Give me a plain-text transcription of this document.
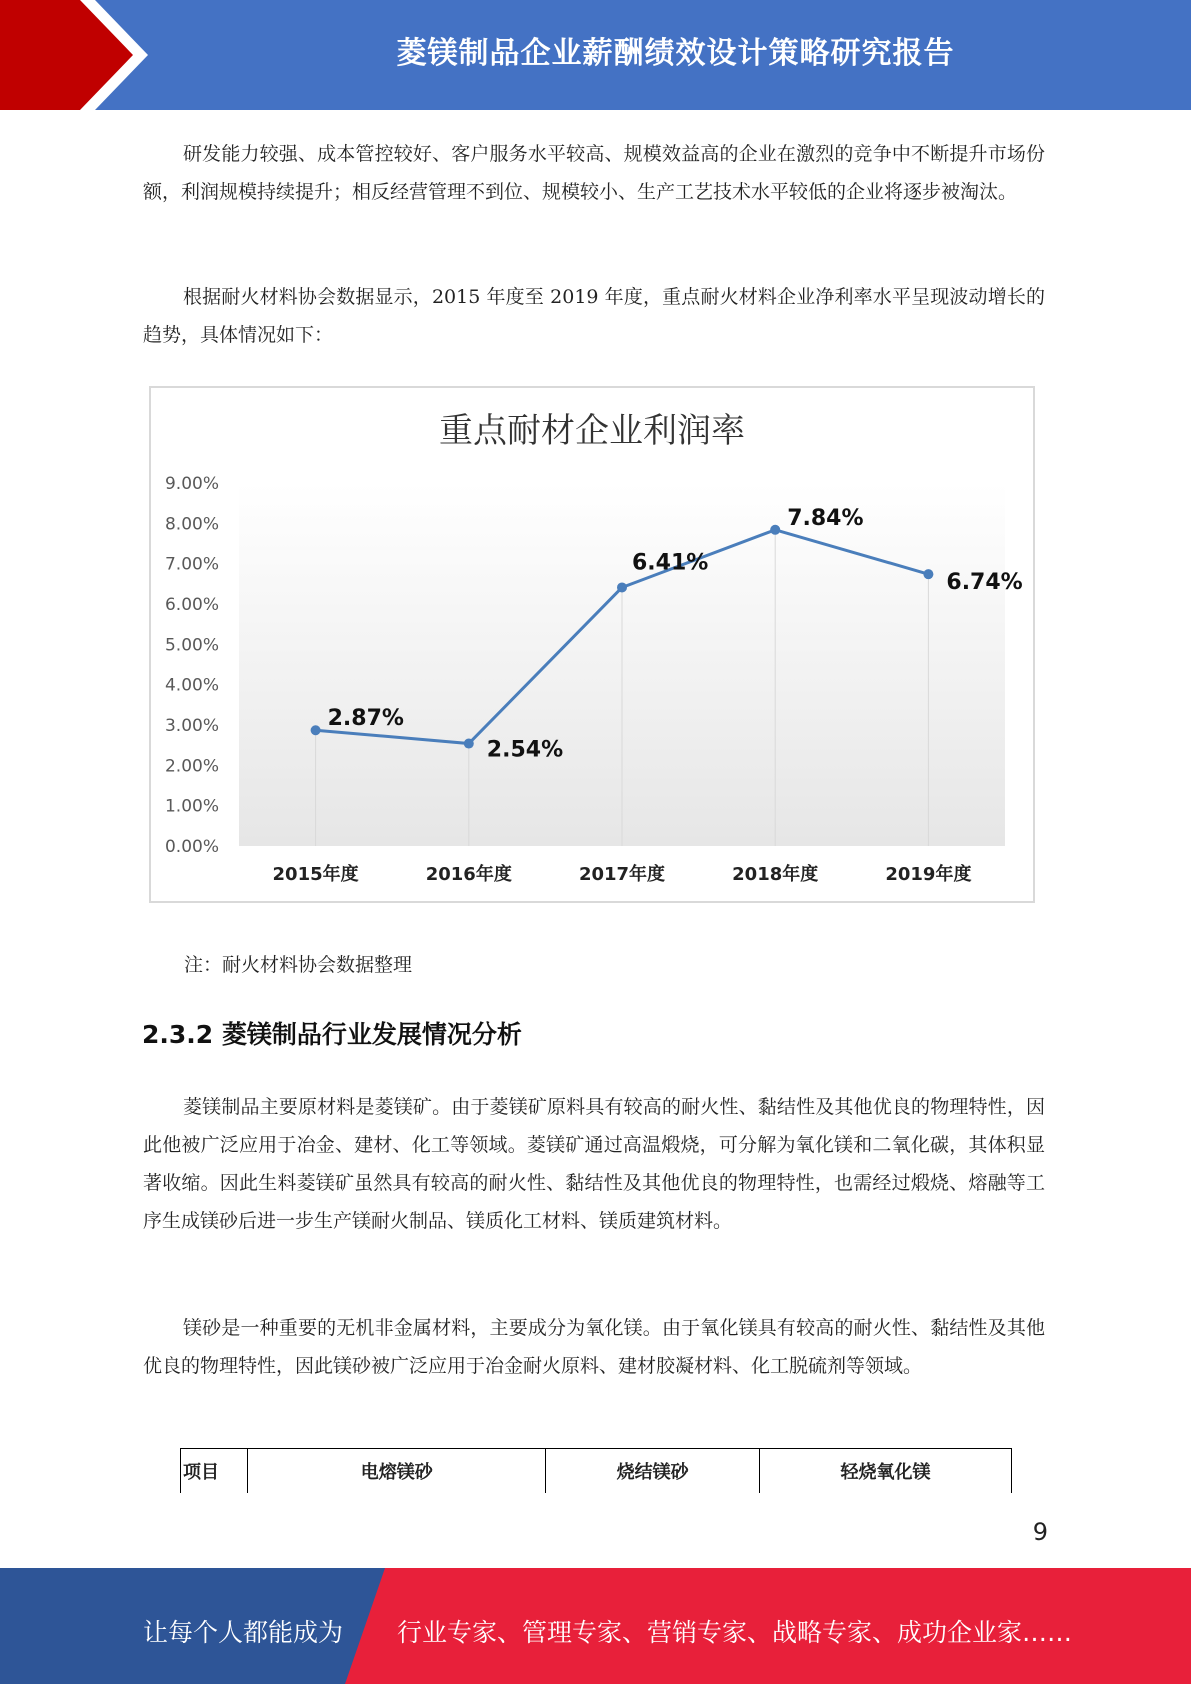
菱镁制品企业薪酬绩效设计策略研究报告

研发能力较强、成本管控较好、客户服务水平较高、规模效益高的企业在激烈的竞争中不断提升市场份额，利润规模持续提升；相反经营管理不到位、规模较小、生产工艺技术水平较低的企业将逐步被淘汰。

根据耐火材料协会数据显示，2015 年度至 2019 年度，重点耐火材料企业净利率水平呈现波动增长的趋势，具体情况如下：

重点耐材企业利润率
0.00%
1.00%
2.00%
3.00%
4.00%
5.00%
6.00%
7.00%
8.00%
9.00%
2015年度	2016年度	2017年度	2018年度	2019年度
2.87%
2.54%
6.41%
7.84%
6.74%

注：耐火材料协会数据整理

2.3.2 菱镁制品行业发展情况分析

菱镁制品主要原材料是菱镁矿。由于菱镁矿原料具有较高的耐火性、黏结性及其他优良的物理特性，因此他被广泛应用于冶金、建材、化工等领域。菱镁矿通过高温煅烧，可分解为氧化镁和二氧化碳，其体积显著收缩。因此生料菱镁矿虽然具有较高的耐火性、黏结性及其他优良的物理特性，也需经过煅烧、熔融等工序生成镁砂后进一步生产镁耐火制品、镁质化工材料、镁质建筑材料。

镁砂是一种重要的无机非金属材料，主要成分为氧化镁。由于氧化镁具有较高的耐火性、黏结性及其他优良的物理特性，因此镁砂被广泛应用于冶金耐火原料、建材胶凝材料、化工脱硫剂等领域。

项目	电熔镁砂	烧结镁砂	轻烧氧化镁
9
让每个人都能成为 行业专家、管理专家、营销专家、战略专家、成功企业家……
